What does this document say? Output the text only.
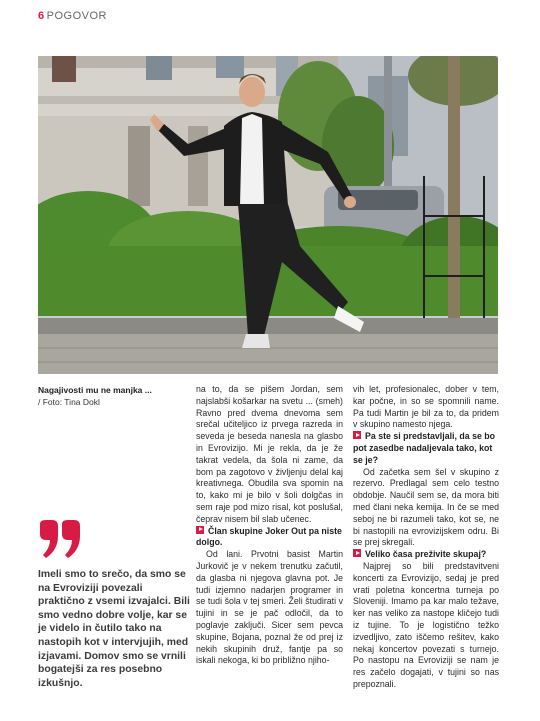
6 POGOVOR
Nagajivosti mu ne manjka ...
/ Foto: Tina Dokl
Imeli smo to srečo, da smo se na Evroviziji povezali praktično z vsemi izvajalci. Bili smo vedno dobre volje, kar se je videlo in čutilo tako na nastopih kot v intervjujih, med izjavami. Domov smo se vrnili bogatejši za res posebno izkušnjo.

na to, da se pišem Jordan, sem najslabši košarkar na svetu ... (smeh) Ravno pred dvema dnevoma sem srečal učiteljico iz prvega razreda in seveda je beseda nanesla na glasbo in Evrovizijo. Mi je rekla, da je že takrat vedela, da šola ni zame, da bom pa zagotovo v življenju delal kaj kreativnega. Obudila sva spomin na to, kako mi je bilo v šoli dolgčas in sem raje pod mizo risal, kot poslušal, čeprav nisem bil slab učenec.

Član skupine Joker Out pa niste dolgo.

Od lani. Prvotni basist Martin Jurkovič je v nekem trenutku začutil, da glasba ni njegova glavna pot. Je tudi izjemno nadarjen programer in se tudi šola v tej smeri. Želi študirati v tujini in se je pač odločil, da to poglavje zaključi. Sicer sem pevca skupine, Bojana, poznal že od prej iz nekih skupinih druž, fantje pa so iskali nekoga, ki bo približno njiho-

vih let, profesionalec, dober v tem, kar počne, in so se spomnili name. Pa tudi Martin je bil za to, da pridem v skupino namesto njega.

Pa ste si predstavljali, da se bo pot zasedbe nadaljevala tako, kot se je?

Od začetka sem šel v skupino z rezervo. Predlagal sem celo testno obdobje. Naučil sem se, da mora biti med člani neka kemija. In če se med seboj ne bi razumeli tako, kot se, ne bi nastopili na evrovizijskem odru. Bi se prej skregali.

Veliko časa preživite skupaj?

Najprej so bili predstavitveni koncerti za Evrovizijo, sedaj je pred vrati poletna koncertna turneja po Sloveniji. Imamo pa kar malo težave, ker nas veliko za nastope kličejo tudi iz tujine. To je logistično težko izvedljivo, zato iščemo rešitev, kako nekaj koncertov povezati s turnejo. Po nastopu na Evroviziji se nam je res začelo dogajati, v tujini so nas prepoznali.
